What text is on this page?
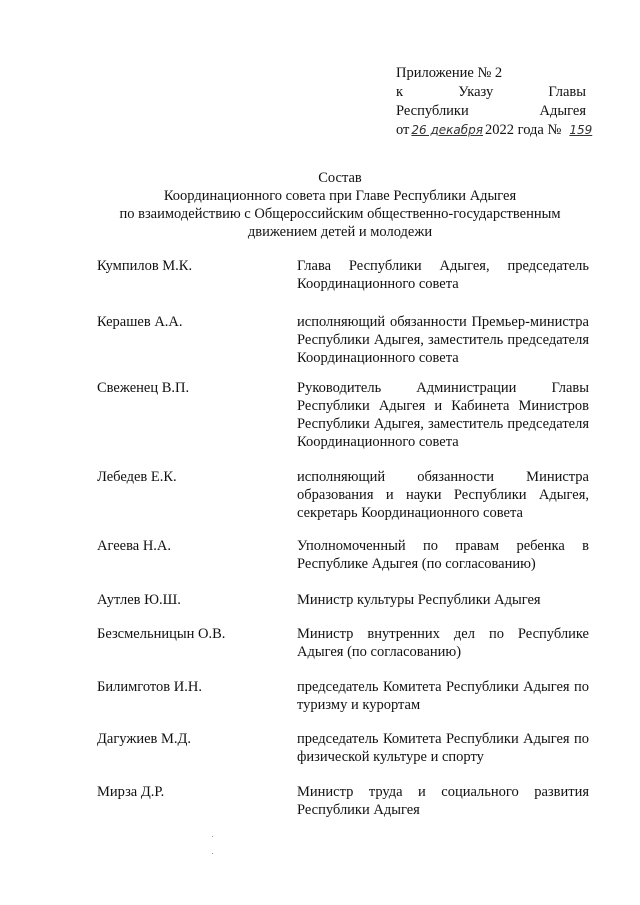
Приложение № 2
к	Указу	Главы
Республики	Адыгея
от 26 декабря 2022 года № 159
Состав
Координационного совета при Главе Республики Адыгея
по взаимодействию с Общероссийским общественно-государственным
движением детей и молодежи
Кумпилов М.К.	Глава Республики Адыгея, председатель Координационного совета
Керашев А.А.	исполняющий обязанности Премьер-министра Республики Адыгея, заместитель председателя Координационного совета
Свеженец В.П.	Руководитель Администрации Главы Республики Адыгея и Кабинета Министров Республики Адыгея, заместитель председателя Координационного совета
Лебедев Е.К.	исполняющий обязанности Министра образования и науки Республики Адыгея, секретарь Координационного совета
Агеева Н.А.	Уполномоченный по правам ребенка в Республике Адыгея (по согласованию)
Аутлев Ю.Ш.	Министр культуры Республики Адыгея
Безсмельницын О.В.	Министр внутренних дел по Республике Адыгея (по согласованию)
Билимготов И.Н.	председатель Комитета Республики Адыгея по туризму и курортам
Дагужиев М.Д.	председатель Комитета Республики Адыгея по физической культуре и спорту
Мирза Д.Р.	Министр труда и социального развития Республики Адыгея
